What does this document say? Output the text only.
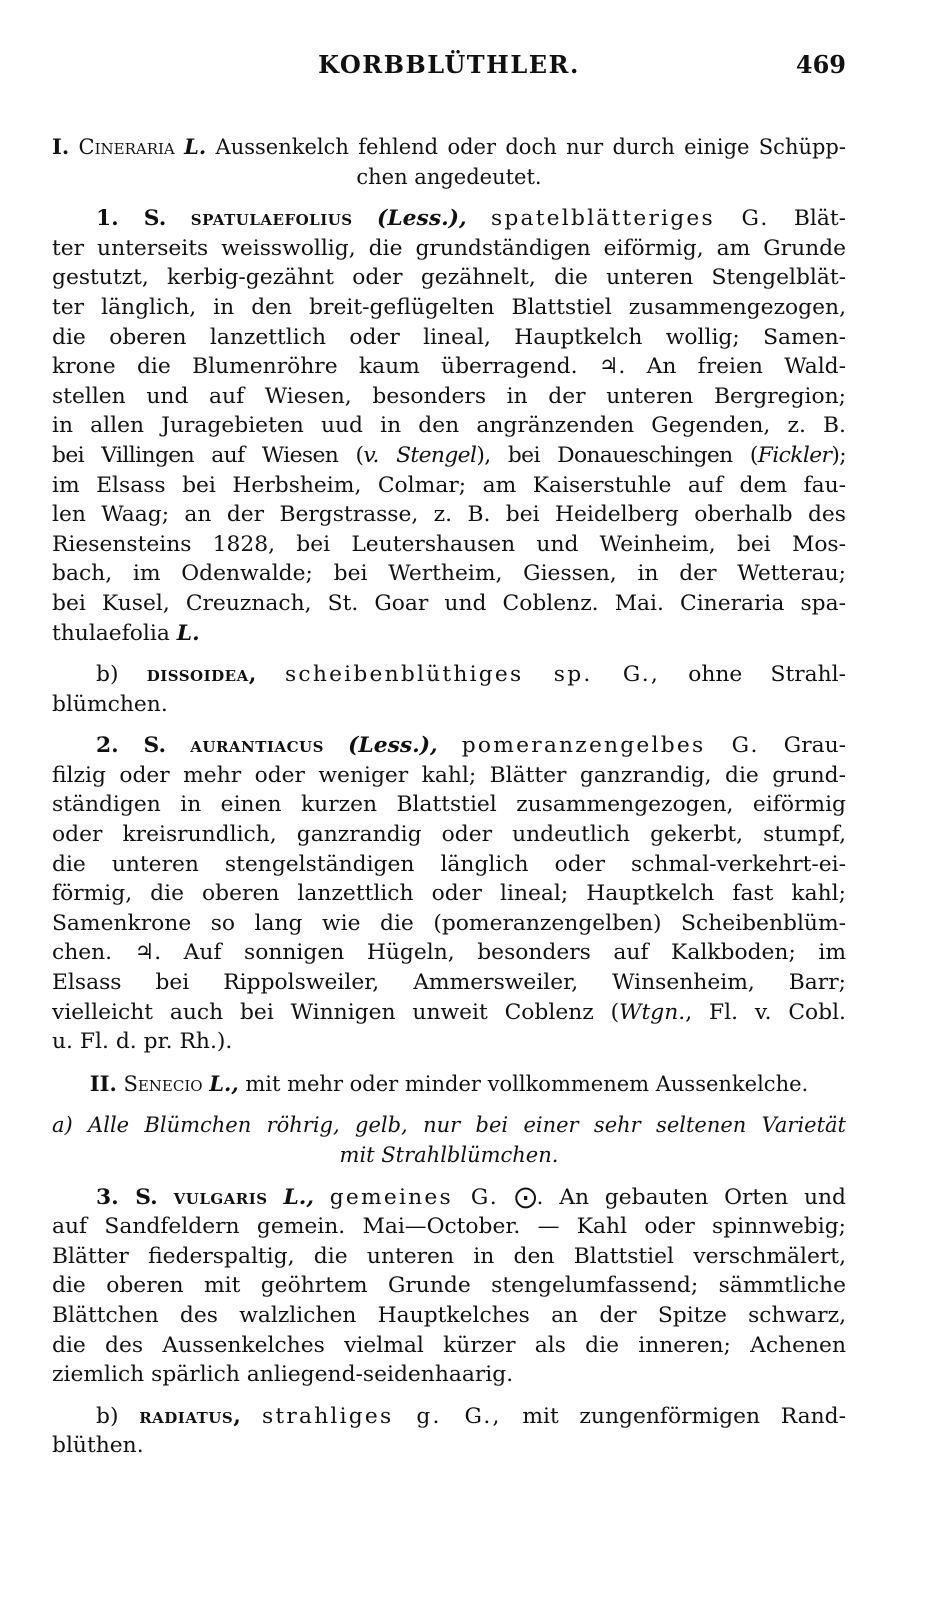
KORBBLÜTHLER.	469
I. Cineraria L. Aussenkelch fehlend oder doch nur durch einige Schüpp-
chen angedeutet.
1. S. spatulaefolius (Less.), spatelblätteriges G. Blät-
ter unterseits weisswollig, die grundständigen eiförmig, am Grunde
gestutzt, kerbig-gezähnt oder gezähnelt, die unteren Stengelblät-
ter länglich, in den breit-geflügelten Blattstiel zusammengezogen,
die oberen lanzettlich oder lineal, Hauptkelch wollig; Samen-
krone die Blumenröhre kaum überragend. ♃. An freien Wald-
stellen und auf Wiesen, besonders in der unteren Bergregion;
in allen Juragebieten uud in den angränzenden Gegenden, z. B.
bei Villingen auf Wiesen (v. Stengel), bei Donaueschingen (Fickler);
im Elsass bei Herbsheim, Colmar; am Kaiserstuhle auf dem fau-
len Waag; an der Bergstrasse, z. B. bei Heidelberg oberhalb des
Riesensteins 1828, bei Leutershausen und Weinheim, bei Mos-
bach, im Odenwalde; bei Wertheim, Giessen, in der Wetterau;
bei Kusel, Creuznach, St. Goar und Coblenz. Mai. Cineraria spa-
thulaefolia L.
b) dissoidea, scheibenblüthiges sp. G., ohne Strahl-
blümchen.
2. S. aurantiacus (Less.), pomeranzengelbes G. Grau-
filzig oder mehr oder weniger kahl; Blätter ganzrandig, die grund-
ständigen in einen kurzen Blattstiel zusammengezogen, eiförmig
oder kreisrundlich, ganzrandig oder undeutlich gekerbt, stumpf,
die unteren stengelständigen länglich oder schmal-verkehrt-ei-
förmig, die oberen lanzettlich oder lineal; Hauptkelch fast kahl;
Samenkrone so lang wie die (pomeranzengelben) Scheibenblüm-
chen. ♃. Auf sonnigen Hügeln, besonders auf Kalkboden; im
Elsass bei Rippolsweiler, Ammersweiler, Winsenheim, Barr;
vielleicht auch bei Winnigen unweit Coblenz (Wtgn., Fl. v. Cobl.
u. Fl. d. pr. Rh.).
II. Senecio L., mit mehr oder minder vollkommenem Aussenkelche.
a) Alle Blümchen röhrig, gelb, nur bei einer sehr seltenen Varietät
mit Strahlblümchen.
3. S. vulgaris L., gemeines G. ⨀. An gebauten Orten und
auf Sandfeldern gemein. Mai—October. — Kahl oder spinnwebig;
Blätter fiederspaltig, die unteren in den Blattstiel verschmälert,
die oberen mit geöhrtem Grunde stengelumfassend; sämmtliche
Blättchen des walzlichen Hauptkelches an der Spitze schwarz,
die des Aussenkelches vielmal kürzer als die inneren; Achenen
ziemlich spärlich anliegend-seidenhaarig.
b) radiatus, strahliges g. G., mit zungenförmigen Rand-
blüthen.
